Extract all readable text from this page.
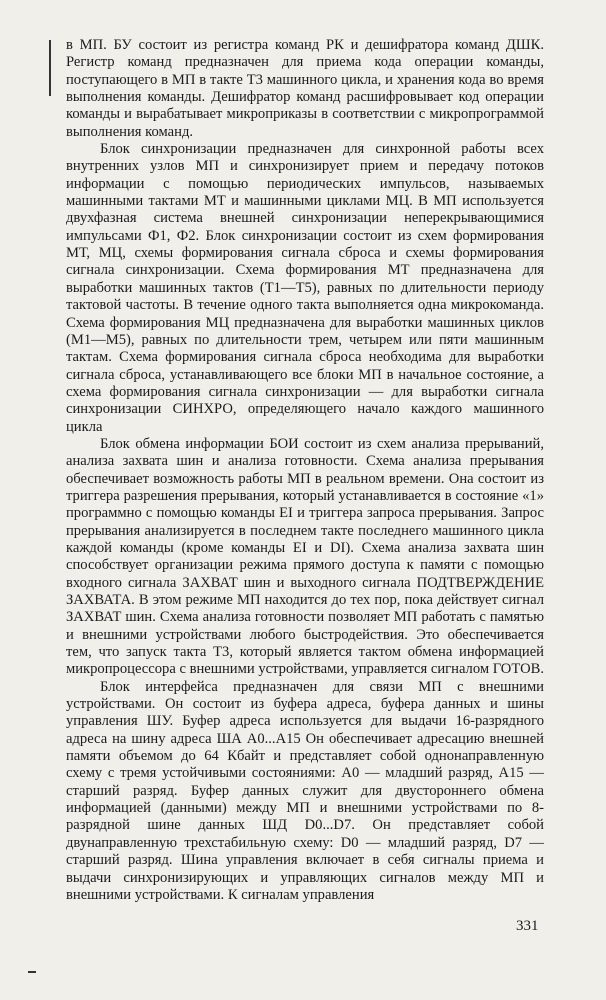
в МП. БУ состоит из регистра команд РК и дешифратора команд ДШК. Регистр команд предназначен для приема кода операции команды, поступающего в МП в такте Т3 машинного цикла, и хранения кода во время выполнения команды. Дешифратор команд расшифровывает код операции команды и вырабатывает микроприказы в соответствии с микропрограммой выполнения команд.

Блок синхронизации предназначен для синхронной работы всех внутренних узлов МП и синхронизирует прием и передачу потоков информации с помощью периодических импульсов, называемых машинными тактами МТ и машинными циклами МЦ. В МП используется двухфазная система внешней синхронизации неперекрывающимися импульсами Ф1, Ф2. Блок синхронизации состоит из схем формирования МТ, МЦ, схемы формирования сигнала сброса и схемы формирования сигнала синхронизации. Схема формирования МТ предназначена для выработки машинных тактов (Т1—Т5), равных по длительности периоду тактовой частоты. В течение одного такта выполняется одна микрокоманда. Схема формирования МЦ предназначена для выработки машинных циклов (М1—М5), равных по длительности трем, четырем или пяти машинным тактам. Схема формирования сигнала сброса необходима для выработки сигнала сброса, устанавливающего все блоки МП в начальное состояние, а схема формирования сигнала синхронизации — для выработки сигнала синхронизации СИНХРО, определяющего начало каждого машинного цикла

Блок обмена информации БОИ состоит из схем анализа прерываний, анализа захвата шин и анализа готовности. Схема анализа прерывания обеспечивает возможность работы МП в реальном времени. Она состоит из триггера разрешения прерывания, который устанавливается в состояние «1» программно с помощью команды EI и триггера запроса прерывания. Запрос прерывания анализируется в последнем такте последнего машинного цикла каждой команды (кроме команды EI и DI). Схема анализа захвата шин способствует организации режима прямого доступа к памяти с помощью входного сигнала ЗАХВАТ шин и выходного сигнала ПОДТВЕРЖДЕНИЕ ЗАХВАТА. В этом режиме МП находится до тех пор, пока действует сигнал ЗАХВАТ шин. Схема анализа готовности позволяет МП работать с памятью и внешними устройствами любого быстродействия. Это обеспечивается тем, что запуск такта Т3, который является тактом обмена информацией микропроцессора с внешними устройствами, управляется сигналом ГОТОВ.

Блок интерфейса предназначен для связи МП с внешними устройствами. Он состоит из буфера адреса, буфера данных и шины управления ШУ. Буфер адреса используется для выдачи 16-разрядного адреса на шину адреса ША А0...А15 Он обеспечивает адресацию внешней памяти объемом до 64 Кбайт и представляет собой однонаправленную схему с тремя устойчивыми состояниями: А0 — младший разряд, А15 — старший разряд. Буфер данных служит для двустороннего обмена информацией (данными) между МП и внешними устройствами по 8-разрядной шине данных ШД D0...D7. Он представляет собой двунаправленную трехстабильную схему: D0 — младший разряд, D7 — старший разряд. Шина управления включает в себя сигналы приема и выдачи синхронизирующих и управляющих сигналов между МП и внешними устройствами. К сигналам управления

331
